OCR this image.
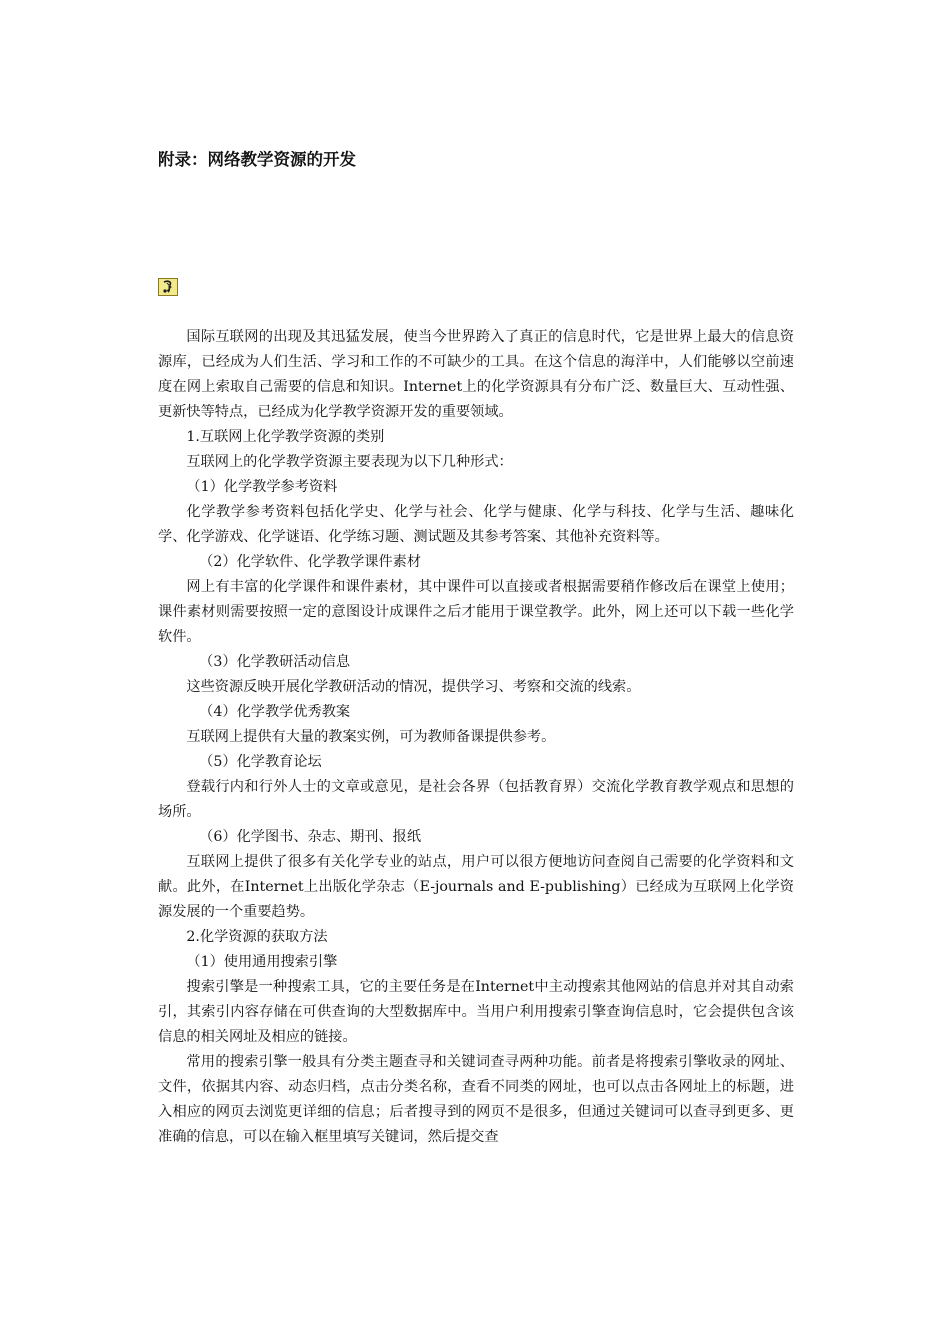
附录：网络教学资源的开发

国际互联网的出现及其迅猛发展，使当今世界跨入了真正的信息时代，它是世界上最大的信息资源库，已经成为人们生活、学习和工作的不可缺少的工具。在这个信息的海洋中，人们能够以空前速度在网上索取自己需要的信息和知识。Internet上的化学资源具有分布广泛、数量巨大、互动性强、更新快等特点，已经成为化学教学资源开发的重要领域。

1.互联网上化学教学资源的类别

互联网上的化学教学资源主要表现为以下几种形式：

（1）化学教学参考资料

化学教学参考资料包括化学史、化学与社会、化学与健康、化学与科技、化学与生活、趣味化学、化学游戏、化学谜语、化学练习题、测试题及其参考答案、其他补充资料等。

（2）化学软件、化学教学课件素材

网上有丰富的化学课件和课件素材，其中课件可以直接或者根据需要稍作修改后在课堂上使用；课件素材则需要按照一定的意图设计成课件之后才能用于课堂教学。此外，网上还可以下载一些化学软件。

（3）化学教研活动信息

这些资源反映开展化学教研活动的情况，提供学习、考察和交流的线索。

（4）化学教学优秀教案

互联网上提供有大量的教案实例，可为教师备课提供参考。

（5）化学教育论坛

登载行内和行外人士的文章或意见，是社会各界（包括教育界）交流化学教育教学观点和思想的场所。

（6）化学图书、杂志、期刊、报纸

互联网上提供了很多有关化学专业的站点，用户可以很方便地访问查阅自己需要的化学资料和文献。此外，在Internet上出版化学杂志（E-journals and E-publishing）已经成为互联网上化学资源发展的一个重要趋势。

2.化学资源的获取方法

（1）使用通用搜索引擎

搜索引擎是一种搜索工具，它的主要任务是在Internet中主动搜索其他网站的信息并对其自动索引，其索引内容存储在可供查询的大型数据库中。当用户利用搜索引擎查询信息时，它会提供包含该信息的相关网址及相应的链接。

常用的搜索引擎一般具有分类主题查寻和关键词查寻两种功能。前者是将搜索引擎收录的网址、文件，依据其内容、动态归档，点击分类名称，查看不同类的网址，也可以点击各网址上的标题，进入相应的网页去浏览更详细的信息；后者搜寻到的网页不是很多，但通过关键词可以查寻到更多、更准确的信息，可以在输入框里填写关键词，然后提交查
